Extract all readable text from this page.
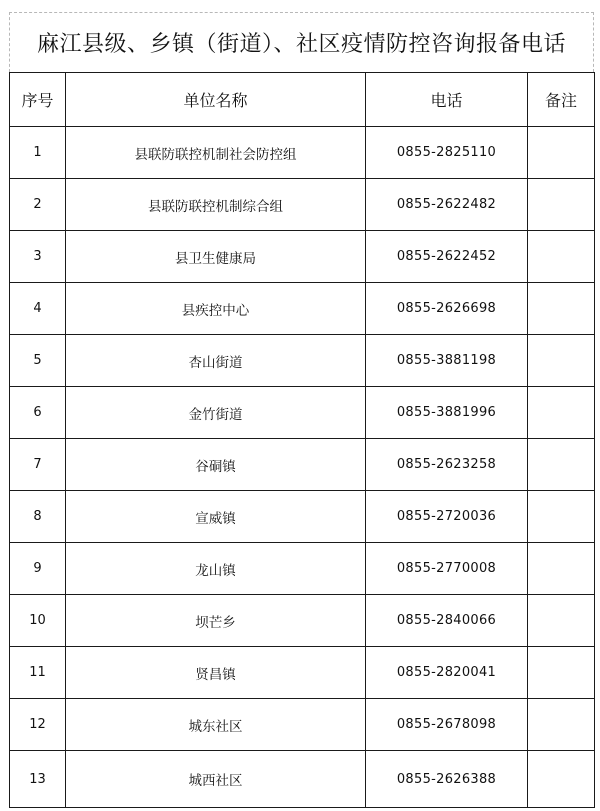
麻江县级、乡镇（街道）、社区疫情防控咨询报备电话
序号	单位名称	电话	备注
1	县联防联控机制社会防控组	0855-2825110	
2	县联防联控机制综合组	0855-2622482	
3	县卫生健康局	0855-2622452	
4	县疾控中心	0855-2626698	
5	杏山街道	0855-3881198	
6	金竹街道	0855-3881996	
7	谷硐镇	0855-2623258	
8	宣威镇	0855-2720036	
9	龙山镇	0855-2770008	
10	坝芒乡	0855-2840066	
11	贤昌镇	0855-2820041	
12	城东社区	0855-2678098	
13	城西社区	0855-2626388	
